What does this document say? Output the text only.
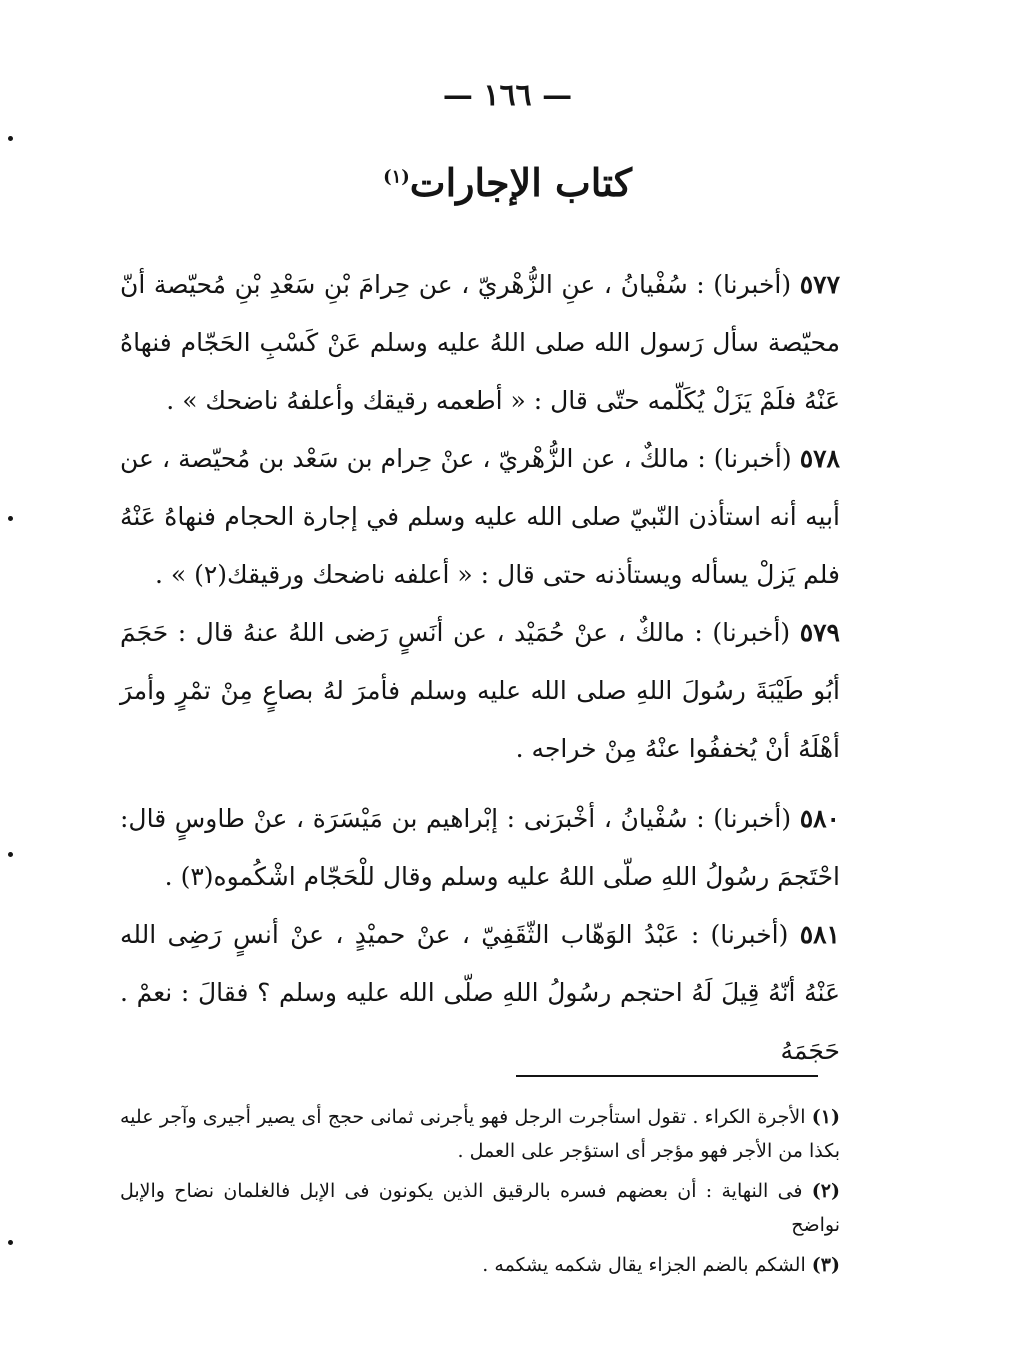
— ١٦٦ —
كتاب الإجارات$^{(١)}$

٥٧٧ (أخبرنا) : سُفْيانُ ، عنِ الزُّهْريّ ، عن حِرامَ بْنِ سَعْدِ بْنِ مُحيّصة أنّ محيّصة سأل رَسول الله صلى اللهُ عليه وسلم عَنْ كَسْبِ الحَجّام فنهاهُ عَنْهُ فلَمْ يَزَلْ يُكَلّمه حتّى قال : « أطعمه رقيقك وأعلفهُ ناضحك » .

٥٧٨ (أخبرنا) : مالكٌ ، عن الزُّهْريّ ، عنْ حِرام بن سَعْد بن مُحيّصة ، عن أبيه أنه استأذن النّبيّ صلى الله عليه وسلم في إجارة الحجام فنهاهُ عَنْهُ فلم يَزلْ يسأله ويستأذنه حتى قال : « أعلفه ناضحك ورقيقك(٢) » .

٥٧٩ (أخبرنا) : مالكٌ ، عنْ حُمَيْد ، عن أنَسٍ رَضى اللهُ عنهُ قال : حَجَمَ أبُو طَيْبَةَ رسُولَ اللهِ صلى الله عليه وسلم فأمرَ لهُ بصاعٍ مِنْ تمْرٍ وأمرَ أهْلَهُ أنْ يُخففُوا عنْهُ مِنْ خراجه .

٥٨٠ (أخبرنا) : سُفْيانُ ، أخْبرَنى : إبْراهيم بن مَيْسَرَة ، عنْ طاوسٍ قال: احْتَجمَ رسُولُ اللهِ صلّى اللهُ عليه وسلم وقال للْحَجّام اشْكُموه(٣) .

٥٨١ (أخبرنا) : عَبْدُ الوَهّاب الثّقَفِيّ ، عنْ حميْدٍ ، عنْ أنسٍ رَضِى الله عَنْهُ أنّهُ قِيلَ لَهُ احتجم رسُولُ اللهِ صلّى الله عليه وسلم ؟ فقالَ : نعمْ . حَجَمَهُ

(١) الأجرة الكراء . تقول استأجرت الرجل فهو يأجرنى ثمانى حجج أى يصير أجيرى وآجر عليه بكذا من الأجر فهو مؤجر أى استؤجر على العمل .

(٢) فى النهاية : أن بعضهم فسره بالرقيق الذين يكونون فى الإبل فالغلمان نضاح والإبل نواضح

(٣) الشكم بالضم الجزاء يقال شكمه يشكمه .
